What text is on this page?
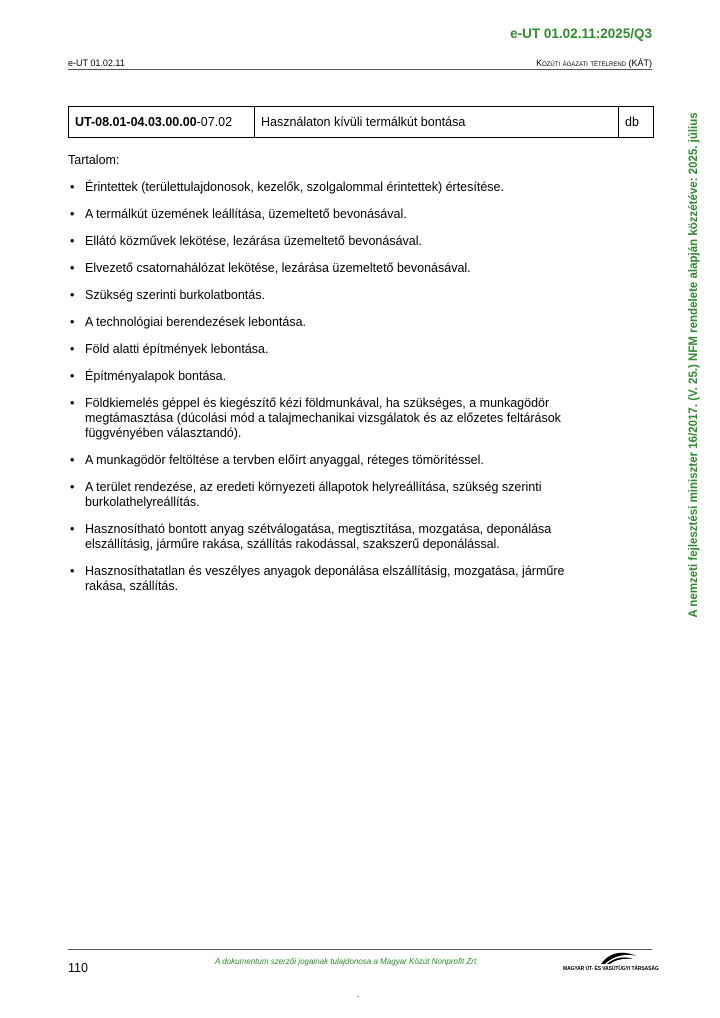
e-UT 01.02.11:2025/Q3
e-UT 01.02.11	Közúti ágazati tételrend (KÁT)
UT-08.01-04.03.00.00-07.02	Használaton kívüli termálkút bontása	db
Tartalom:
• Érintettek (területtulajdonosok, kezelők, szolgalommal érintettek) értesítése.
• A termálkút üzemének leállítása, üzemeltető bevonásával.
• Ellátó közművek lekötése, lezárása üzemeltető bevonásával.
• Elvezető csatornahálózat lekötése, lezárása üzemeltető bevonásával.
• Szükség szerinti burkolatbontás.
• A technológiai berendezések lebontása.
• Föld alatti építmények lebontása.
• Építményalapok bontása.
• Földkiemelés géppel és kiegészítő kézi földmunkával, ha szükséges, a munkagödör megtámasztása (dúcolási mód a talajmechanikai vizsgálatok és az előzetes feltárások függvényében választandó).
• A munkagödör feltöltése a tervben előírt anyaggal, réteges tömörítéssel.
• A terület rendezése, az eredeti környezeti állapotok helyreállítása, szükség szerinti burkolathelyreállítás.
• Hasznosítható bontott anyag szétválogatása, megtisztítása, mozgatása, deponálása elszállításig, járműre rakása, szállítás rakodással, szakszerű deponálással.
• Hasznosíthatatlan és veszélyes anyagok deponálása elszállításig, mozgatása, járműre rakása, szállítás.	A nemzeti fejlesztési miniszter 16/2017. (V. 25.) NFM rendelete alapján közzétéve: 2025. július
110	A dokumentum szerzői jogainak tulajdonosa a Magyar Közút Nonprofit Zrt.
MAGYAR ÚT- ÉS VASÚTÜGYI TÁRSASÁG
